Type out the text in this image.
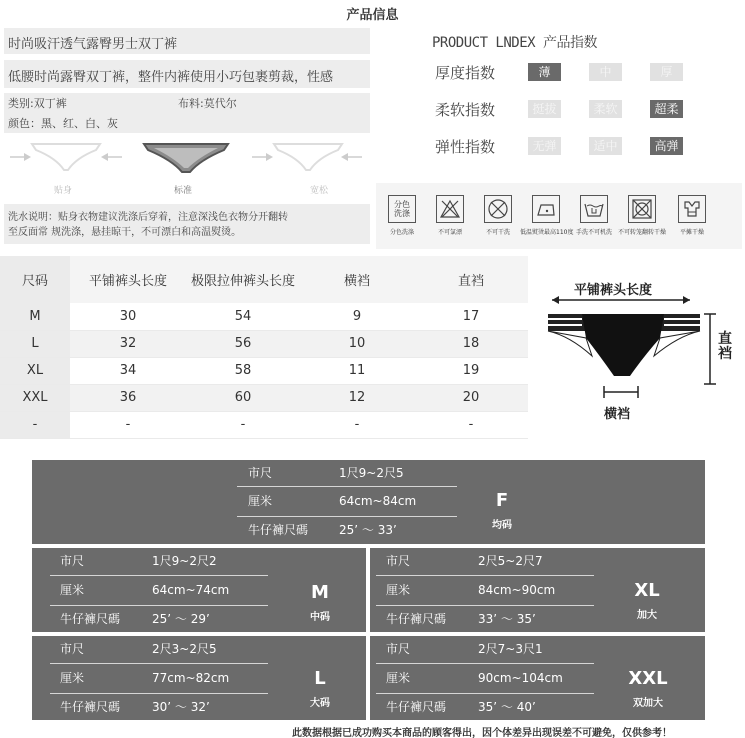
产品信息
时尚吸汗透气露臀男士双丁裤
低腰时尚露臀双丁裤，整件内裤使用小巧包裹剪裁，性感
类别:双丁裤	布料:莫代尔
颜色：黑、红、白、灰
贴身	标准	宽松
洗水说明：贴身衣物建议洗涤后穿着，注意深浅色衣物分开翻转
至反面常 规洗涤，悬挂晾干，不可漂白和高温熨烫。
PRODUCT LNDEX 产品指数
厚度指数	薄	中	厚
柔软指数	挺拔	柔软	超柔
弹性指数	无弹	适中	高弹
分色
洗涤
分色洗涤	不可氯漂	不可干洗	低温熨烫最高110度 手洗不可机洗 不可转笼翻转干燥	平摊干燥
尺码	平铺裤头长度	极限拉伸裤头长度	横裆	直裆
M	30	54	9	17
L	32	56	10	18
XL	34	58	11	19
XXL	36	60	12	20
-	-	-	-	-
平铺裤头长度
直裆
横裆
市尺	1尺9~2尺5
厘米	64cm~84cm
牛仔褲尺碼	25’ ～ 33’
F
均码
市尺	1尺9~2尺2
厘米	64cm~74cm
牛仔褲尺碼	25’ ～ 29’
M
中码
市尺	2尺5~2尺7
厘米	84cm~90cm
牛仔褲尺碼	33’ ～ 35’
XL
加大
市尺	2尺3~2尺5
厘米	77cm~82cm
牛仔褲尺碼	30’ ～ 32’
L
大码
市尺	2尺7~3尺1
厘米	90cm~104cm
牛仔褲尺碼	35’ ～ 40’
XXL
双加大
此数据根据已成功购买本商品的顾客得出，因个体差异出现误差不可避免，仅供参考！
